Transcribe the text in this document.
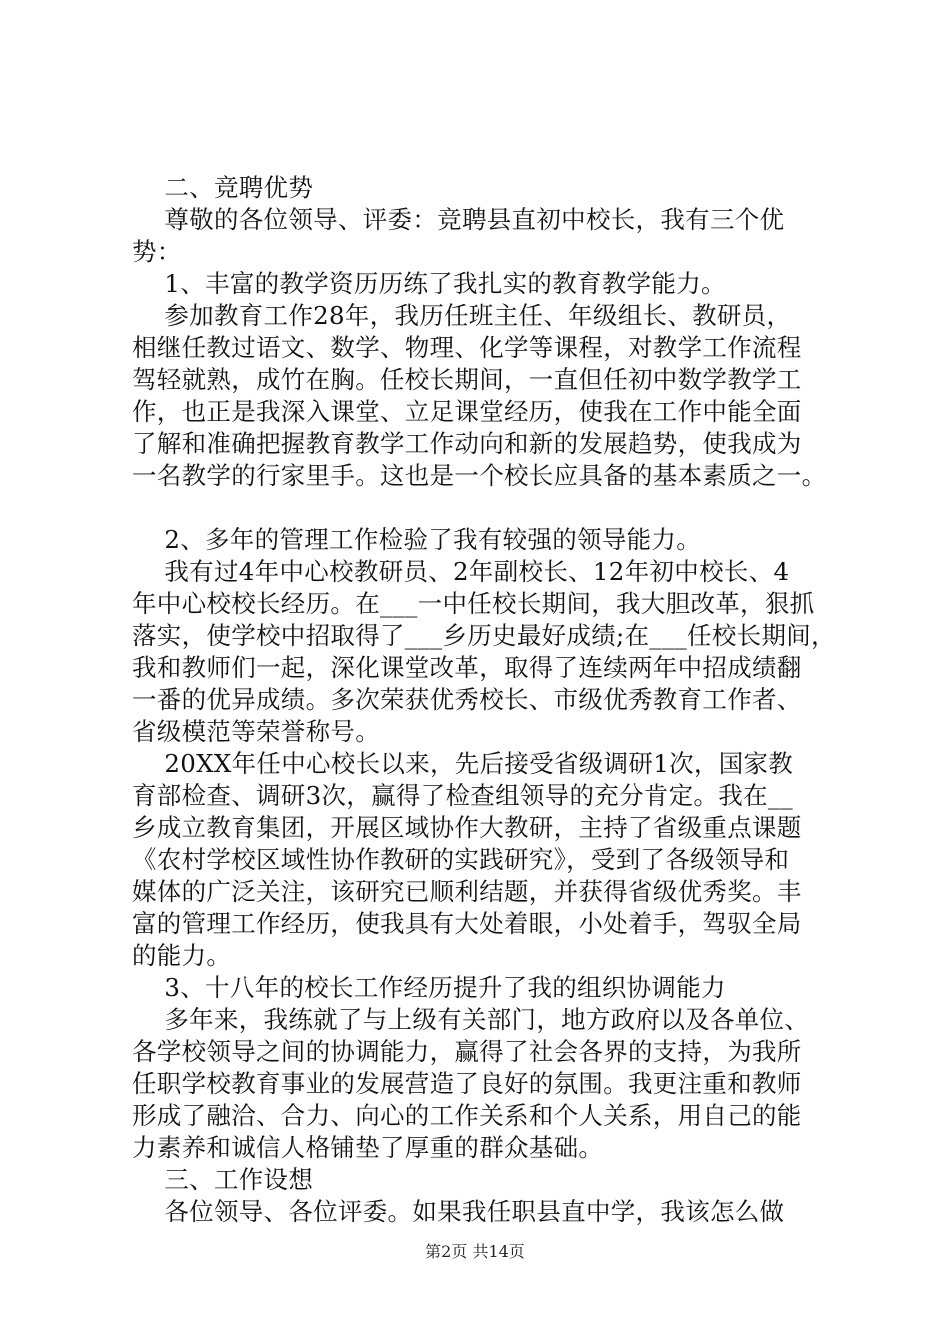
二、竞聘优势
尊敬的各位领导、评委：竞聘县直初中校长，我有三个优
势：
1、丰富的教学资历历练了我扎实的教育教学能力。
参加教育工作28年，我历任班主任、年级组长、教研员，
相继任教过语文、数学、物理、化学等课程，对教学工作流程
驾轻就熟，成竹在胸。任校长期间，一直但任初中数学教学工
作，也正是我深入课堂、立足课堂经历，使我在工作中能全面
了解和准确把握教育教学工作动向和新的发展趋势，使我成为
一名教学的行家里手。这也是一个校长应具备的基本素质之一。
2、多年的管理工作检验了我有较强的领导能力。
我有过4年中心校教研员、2年副校长、12年初中校长、4
年中心校校长经历。在___一中任校长期间，我大胆改革，狠抓
落实，使学校中招取得了___乡历史最好成绩;在___任校长期间，
我和教师们一起，深化课堂改革，取得了连续两年中招成绩翻
一番的优异成绩。多次荣获优秀校长、市级优秀教育工作者、
省级模范等荣誉称号。
20XX年任中心校长以来，先后接受省级调研1次，国家教
育部检查、调研3次，赢得了检查组领导的充分肯定。我在__
乡成立教育集团，开展区域协作大教研，主持了省级重点课题
《农村学校区域性协作教研的实践研究》，受到了各级领导和
媒体的广泛关注，该研究已顺利结题，并获得省级优秀奖。丰
富的管理工作经历，使我具有大处着眼，小处着手，驾驭全局
的能力。
3、十八年的校长工作经历提升了我的组织协调能力
多年来，我练就了与上级有关部门，地方政府以及各单位、
各学校领导之间的协调能力，赢得了社会各界的支持，为我所
任职学校教育事业的发展营造了良好的氛围。我更注重和教师
形成了融洽、合力、向心的工作关系和个人关系，用自己的能
力素养和诚信人格铺垫了厚重的群众基础。
三、工作设想
各位领导、各位评委。如果我任职县直中学，我该怎么做
第2页 共14页
